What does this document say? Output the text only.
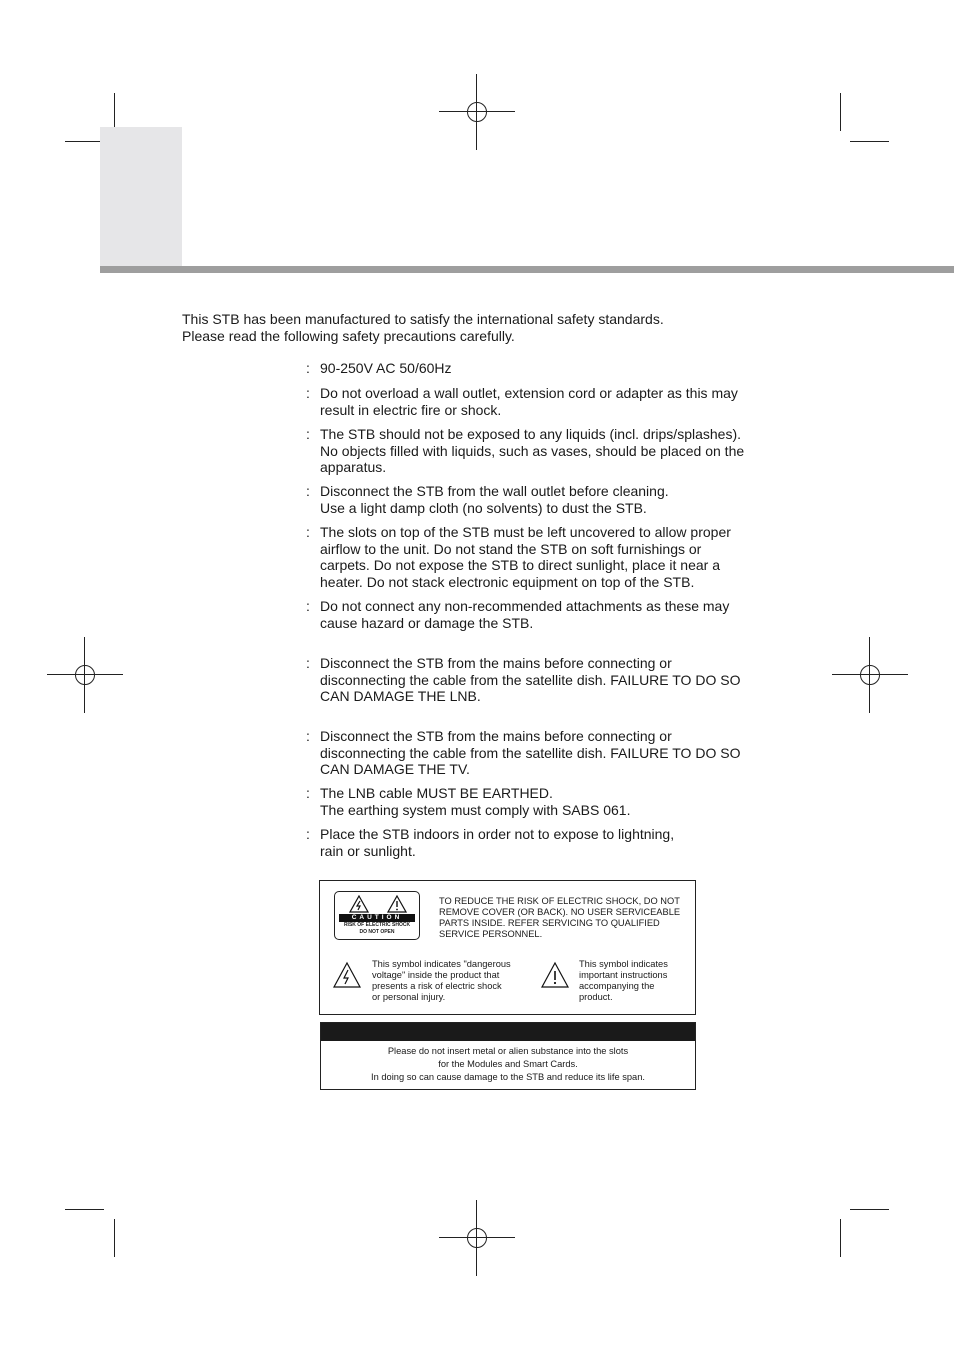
This STB has been manufactured to satisfy the international safety standards.
Please read the following safety precautions carefully.
: 90-250V AC 50/60Hz
: Do not overload a wall outlet, extension cord or adapter as this may
result in electric fire or shock.
: The STB should not be exposed to any liquids (incl. drips/splashes).
No objects filled with liquids, such as vases, should be placed on the
apparatus.
: Disconnect the STB from the wall outlet before cleaning.
Use a light damp cloth (no solvents) to dust the STB.
: The slots on top of the STB must be left uncovered to allow proper
airflow to the unit. Do not stand the STB on soft furnishings or
carpets. Do not expose the STB to direct sunlight, place it near a
heater. Do not stack electronic equipment on top of the STB.
: Do not connect any non-recommended attachments as these may
cause hazard or damage the STB.
: Disconnect the STB from the mains before connecting or
disconnecting the cable from the satellite dish. FAILURE TO DO SO
CAN DAMAGE THE LNB.
: Disconnect the STB from the mains before connecting or
disconnecting the cable from the satellite dish. FAILURE TO DO SO
CAN DAMAGE THE TV.
: The LNB cable MUST BE EARTHED.
The earthing system must comply with SABS 061.
: Place the STB indoors in order not to expose to lightning,
rain or sunlight.
CAUTION
RISK OF ELECTRIC SHOCK
DO NOT OPEN
TO REDUCE THE RISK OF ELECTRIC SHOCK, DO NOT
REMOVE COVER (OR BACK). NO USER SERVICEABLE
PARTS INSIDE. REFER SERVICING TO QUALIFIED
SERVICE PERSONNEL.
This symbol indicates "dangerous
voltage" inside the product that
presents a risk of electric shock
or personal injury.
This symbol indicates
important instructions
accompanying the
product.
Please do not insert metal or alien substance into the slots
for the Modules and Smart Cards.
In doing so can cause damage to the STB and reduce its life span.
